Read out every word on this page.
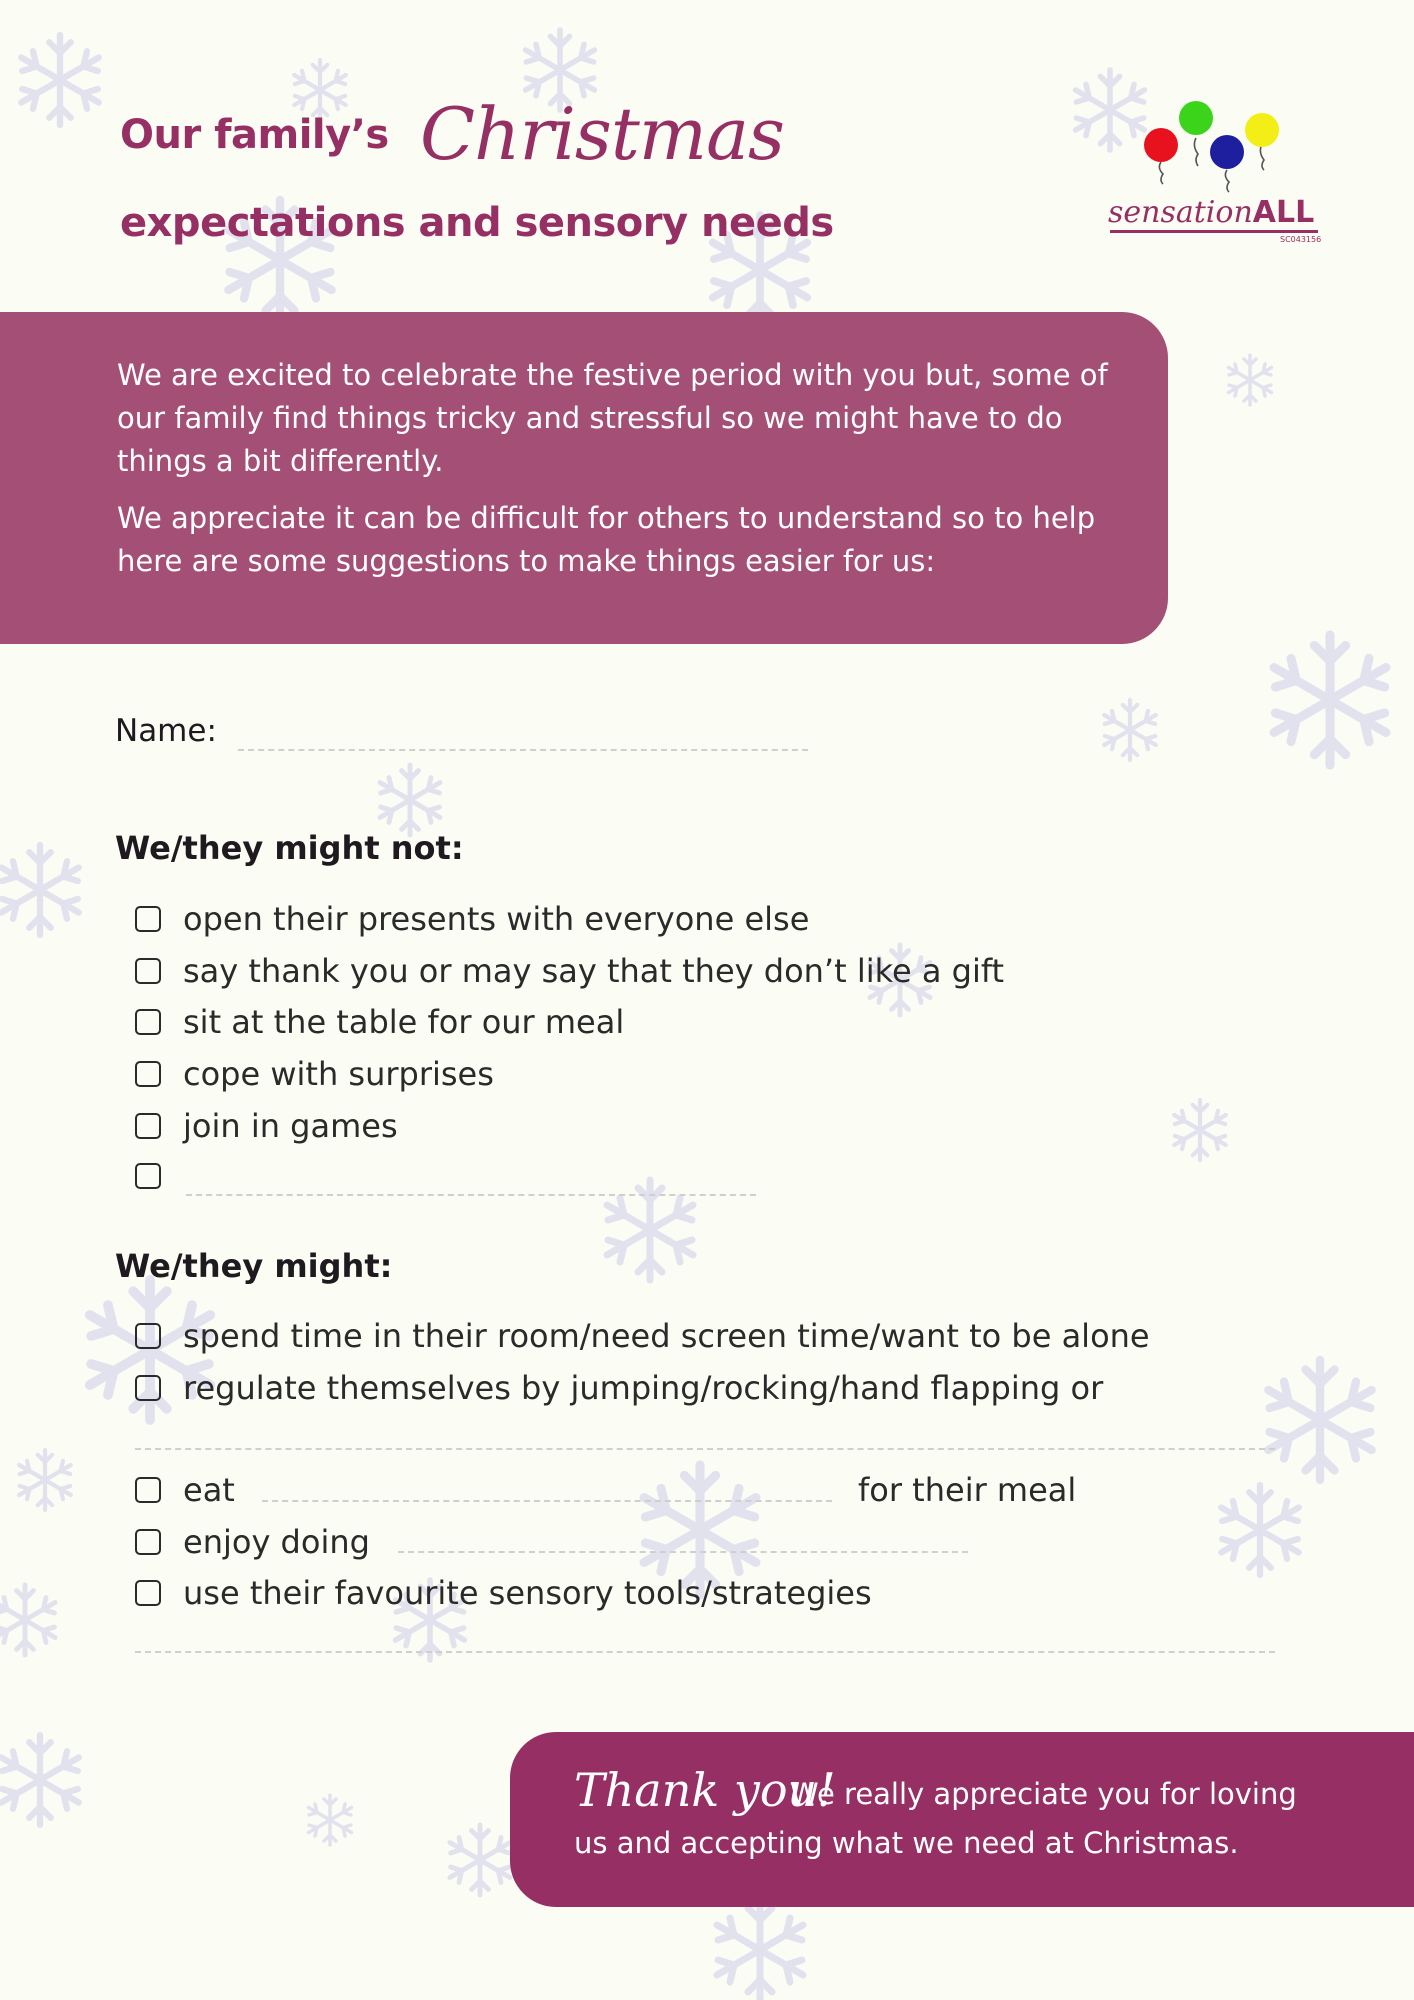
Our family’s Christmas
expectations and sensory needs	sensationALL
SC043156
We are excited to celebrate the festive period with you but, some of our family find things tricky and stressful so we might have to do things a bit differently.
We appreciate it can be difficult for others to understand so to help here are some suggestions to make things easier for us:
Name:
We/they might not:
open their presents with everyone else
say thank you or may say that they don’t like a gift
sit at the table for our meal
cope with surprises
join in games
We/they might:
spend time in their room/need screen time/want to be alone
regulate themselves by jumping/rocking/hand flapping or
eat	for their meal
enjoy doing
use their favourite sensory tools/strategies
Thank you!
We really appreciate you for loving
us and accepting what we need at Christmas.
